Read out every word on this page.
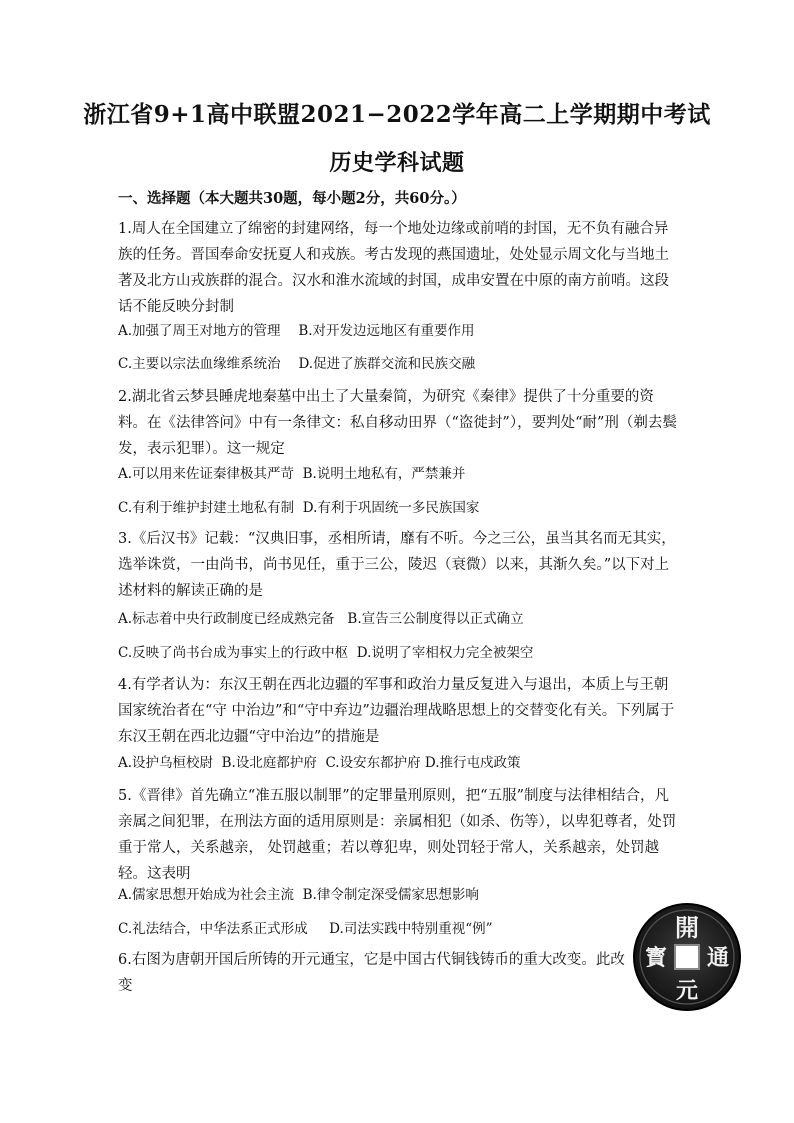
浙江省9+1高中联盟2021−2022学年高二上学期期中考试
历史学科试题
一、选择题（本大题共30题，每小题2分，共60分。）
1.周人在全国建立了绵密的封建网络，每一个地处边缘或前哨的封国，无不负有融合异族的任务。晋国奉命安抚夏人和戎族。考古发现的燕国遗址，处处显示周文化与当地土著及北方山戎族群的混合。汉水和淮水流域的封国，成串安置在中原的南方前哨。这段话不能反映分封制
A.加强了周王对地方的管理　 B.对开发边远地区有重要作用
C.主要以宗法血缘维系统治　 D.促进了族群交流和民族交融
2.湖北省云梦县睡虎地秦墓中出土了大量秦简，为研究《秦律》提供了十分重要的资料。在《法律答问》中有一条律文：私自移动田界（“盗徙封”），要判处“耐”刑（剃去鬓发，表示犯罪）。这一规定
A.可以用来佐证秦律极其严苛 B.说明土地私有，严禁兼并
C.有利于维护封建土地私有制 D.有利于巩固统一多民族国家
3.《后汉书》记载：“汉典旧事，丞相所请，靡有不听。今之三公，虽当其名而无其实，选举诛赏，一由尚书，尚书见任，重于三公，陵迟（衰微）以来，其渐久矣。”以下对上述材料的解读正确的是
A.标志着中央行政制度已经成熟完备 B.宣告三公制度得以正式确立
C.反映了尚书台成为事实上的行政中枢 D.说明了宰相权力完全被架空
4.有学者认为：东汉王朝在西北边疆的军事和政治力量反复进入与退出，本质上与王朝国家统治者在“守 中治边”和“守中弃边”边疆治理战略思想上的交替变化有关。下列属于东汉王朝在西北边疆“守中治边”的措施是
A.设护乌桓校尉 B.设北庭都护府 C.设安东都护府 D.推行屯戍政策
5.《晋律》首先确立“准五服以制罪”的定罪量刑原则，把“五服”制度与法律相结合，凡亲属之间犯罪，在刑法方面的适用原则是：亲属相犯（如杀、伤等），以卑犯尊者，处罚重于常人，关系越亲， 处罚越重；若以尊犯卑，则处罚轻于常人，关系越亲，处罚越轻。这表明
A.儒家思想开始成为社会主流 B.律令制定深受儒家思想影响
C.礼法结合，中华法系正式形成 D.司法实践中特别重视“例”
6.右图为唐朝开国后所铸的开元通宝，它是中国古代铜钱铸币的重大改变。此改变
開
通
元
寳
